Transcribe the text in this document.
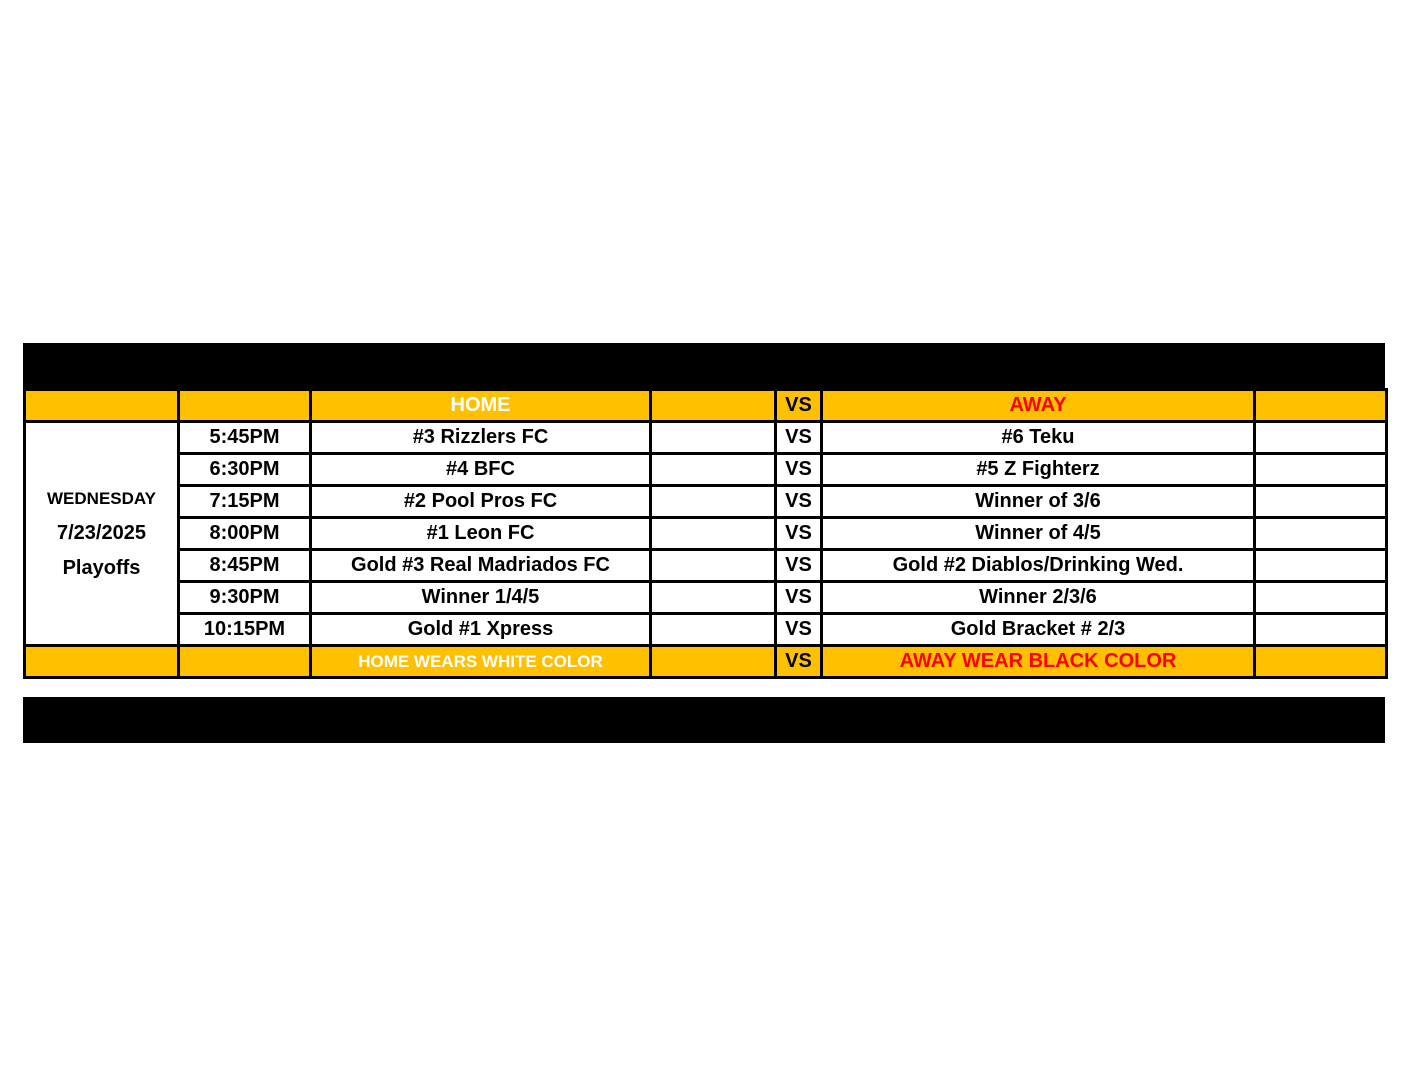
		HOME		VS	AWAY	

WEDNESDAY
7/23/2025
Playoffs	5:45PM	#3 Rizzlers FC		VS	#6 Teku	
	6:30PM	#4 BFC		VS	#5 Z Fighterz	
	7:15PM	#2 Pool Pros FC		VS	Winner of 3/6	
	8:00PM	#1 Leon FC		VS	Winner of 4/5	
	8:45PM	Gold #3 Real Madriados FC		VS	Gold #2 Diablos/Drinking Wed.	
	9:30PM	Winner 1/4/5		VS	Winner 2/3/6	
	10:15PM	Gold #1 Xpress		VS	Gold Bracket # 2/3	
		HOME WEARS WHITE COLOR		VS	AWAY WEAR BLACK COLOR	
